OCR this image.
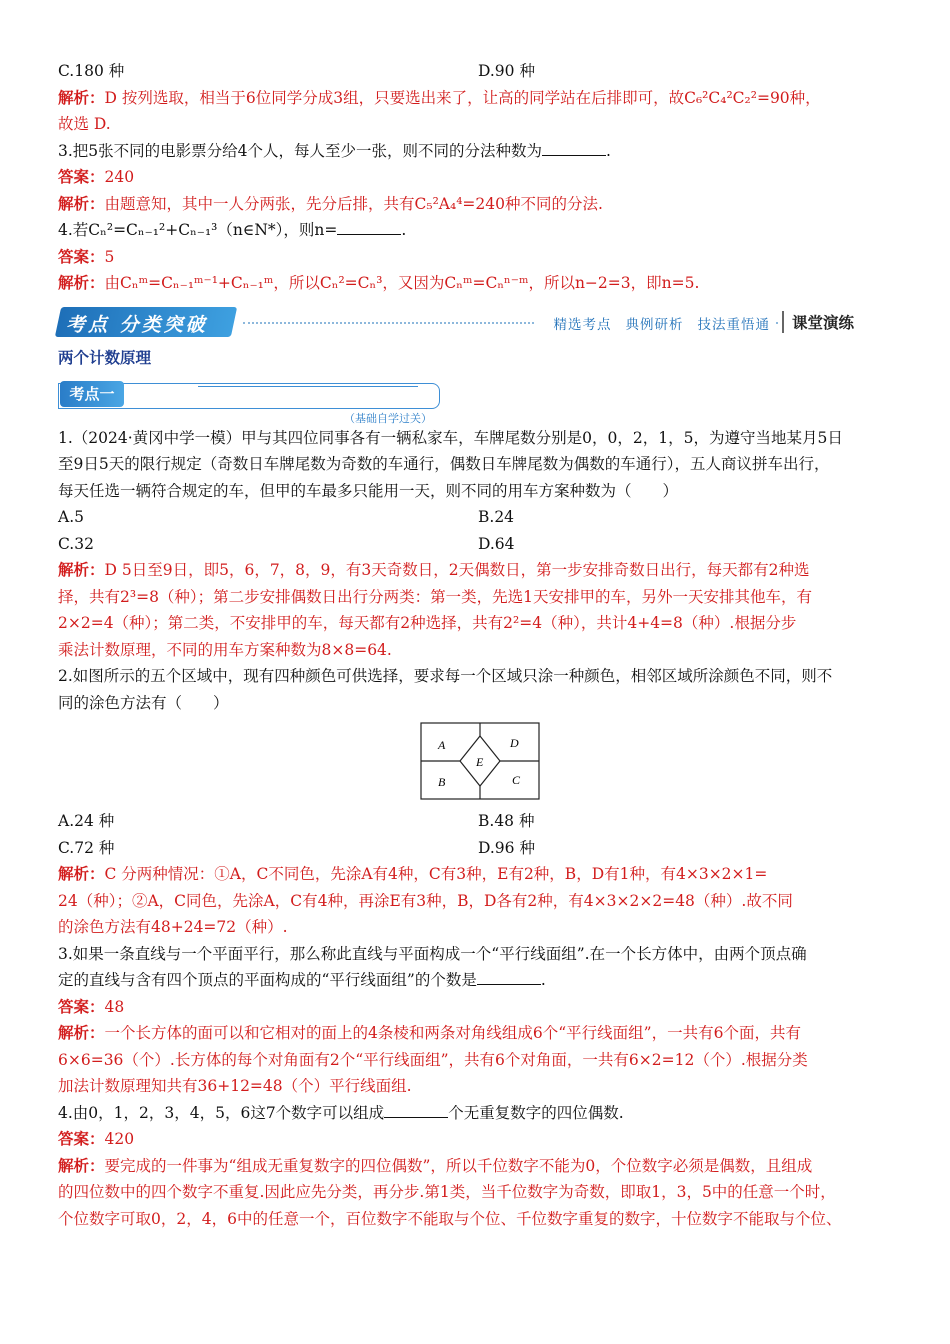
C.180 种	D.90 种
解析：D 按列选取，相当于6位同学分成3组，只要选出来了，让高的同学站在后排即可，故C₆²C₄²C₂²=90种，
故选 D.
3.把5张不同的电影票分给4个人，每人至少一张，则不同的分法种数为	.
答案：240
解析：由题意知，其中一人分两张，先分后排，共有C₅²A₄⁴=240种不同的分法.
4.若Cₙ²=Cₙ₋₁²+Cₙ₋₁³（n∈N*），则n=	.
答案：5
解析：由Cₙᵐ=Cₙ₋₁ᵐ⁻¹+Cₙ₋₁ᵐ，所以Cₙ²=Cₙ³，又因为Cₙᵐ=Cₙⁿ⁻ᵐ，所以n−2=3，即n=5.
考点 分类突破	精选考点 典例研析 技法重悟通	课堂演练
两个计数原理
考点一
（基础自学过关）
1.（2024·黄冈中学一模）甲与其四位同事各有一辆私家车，车牌尾数分别是0，0，2，1，5，为遵守当地某月5日
至9日5天的限行规定（奇数日车牌尾数为奇数的车通行，偶数日车牌尾数为偶数的车通行），五人商议拼车出行，
每天任选一辆符合规定的车，但甲的车最多只能用一天，则不同的用车方案种数为（　　）
A.5	B.24
C.32	D.64
解析：D 5日至9日，即5，6，7，8，9，有3天奇数日，2天偶数日，第一步安排奇数日出行，每天都有2种选
择，共有2³=8（种）；第二步安排偶数日出行分两类：第一类，先选1天安排甲的车，另外一天安排其他车，有
2×2=4（种）；第二类，不安排甲的车，每天都有2种选择，共有2²=4（种），共计4+4=8（种）.根据分步
乘法计数原理，不同的用车方案种数为8×8=64.
2.如图所示的五个区域中，现有四种颜色可供选择，要求每一个区域只涂一种颜色，相邻区域所涂颜色不同，则不
同的涂色方法有（　　）
A	D
E
B	C
A.24 种	B.48 种
C.72 种	D.96 种
解析：C 分两种情况：①A，C不同色，先涂A有4种，C有3种，E有2种，B，D有1种，有4×3×2×1=
24（种）；②A，C同色，先涂A，C有4种，再涂E有3种，B，D各有2种，有4×3×2×2=48（种）.故不同
的涂色方法有48+24=72（种）.
3.如果一条直线与一个平面平行，那么称此直线与平面构成一个“平行线面组”.在一个长方体中，由两个顶点确
定的直线与含有四个顶点的平面构成的“平行线面组”的个数是	.
答案：48
解析：一个长方体的面可以和它相对的面上的4条棱和两条对角线组成6个“平行线面组”，一共有6个面，共有
6×6=36（个）.长方体的每个对角面有2个“平行线面组”，共有6个对角面，一共有6×2=12（个）.根据分类
加法计数原理知共有36+12=48（个）平行线面组.
4.由0，1，2，3，4，5，6这7个数字可以组成	个无重复数字的四位偶数.
答案：420
解析：要完成的一件事为“组成无重复数字的四位偶数”，所以千位数字不能为0，个位数字必须是偶数，且组成
的四位数中的四个数字不重复.因此应先分类，再分步.第1类，当千位数字为奇数，即取1，3，5中的任意一个时，
个位数字可取0，2，4，6中的任意一个，百位数字不能取与个位、千位数字重复的数字，十位数字不能取与个位、
